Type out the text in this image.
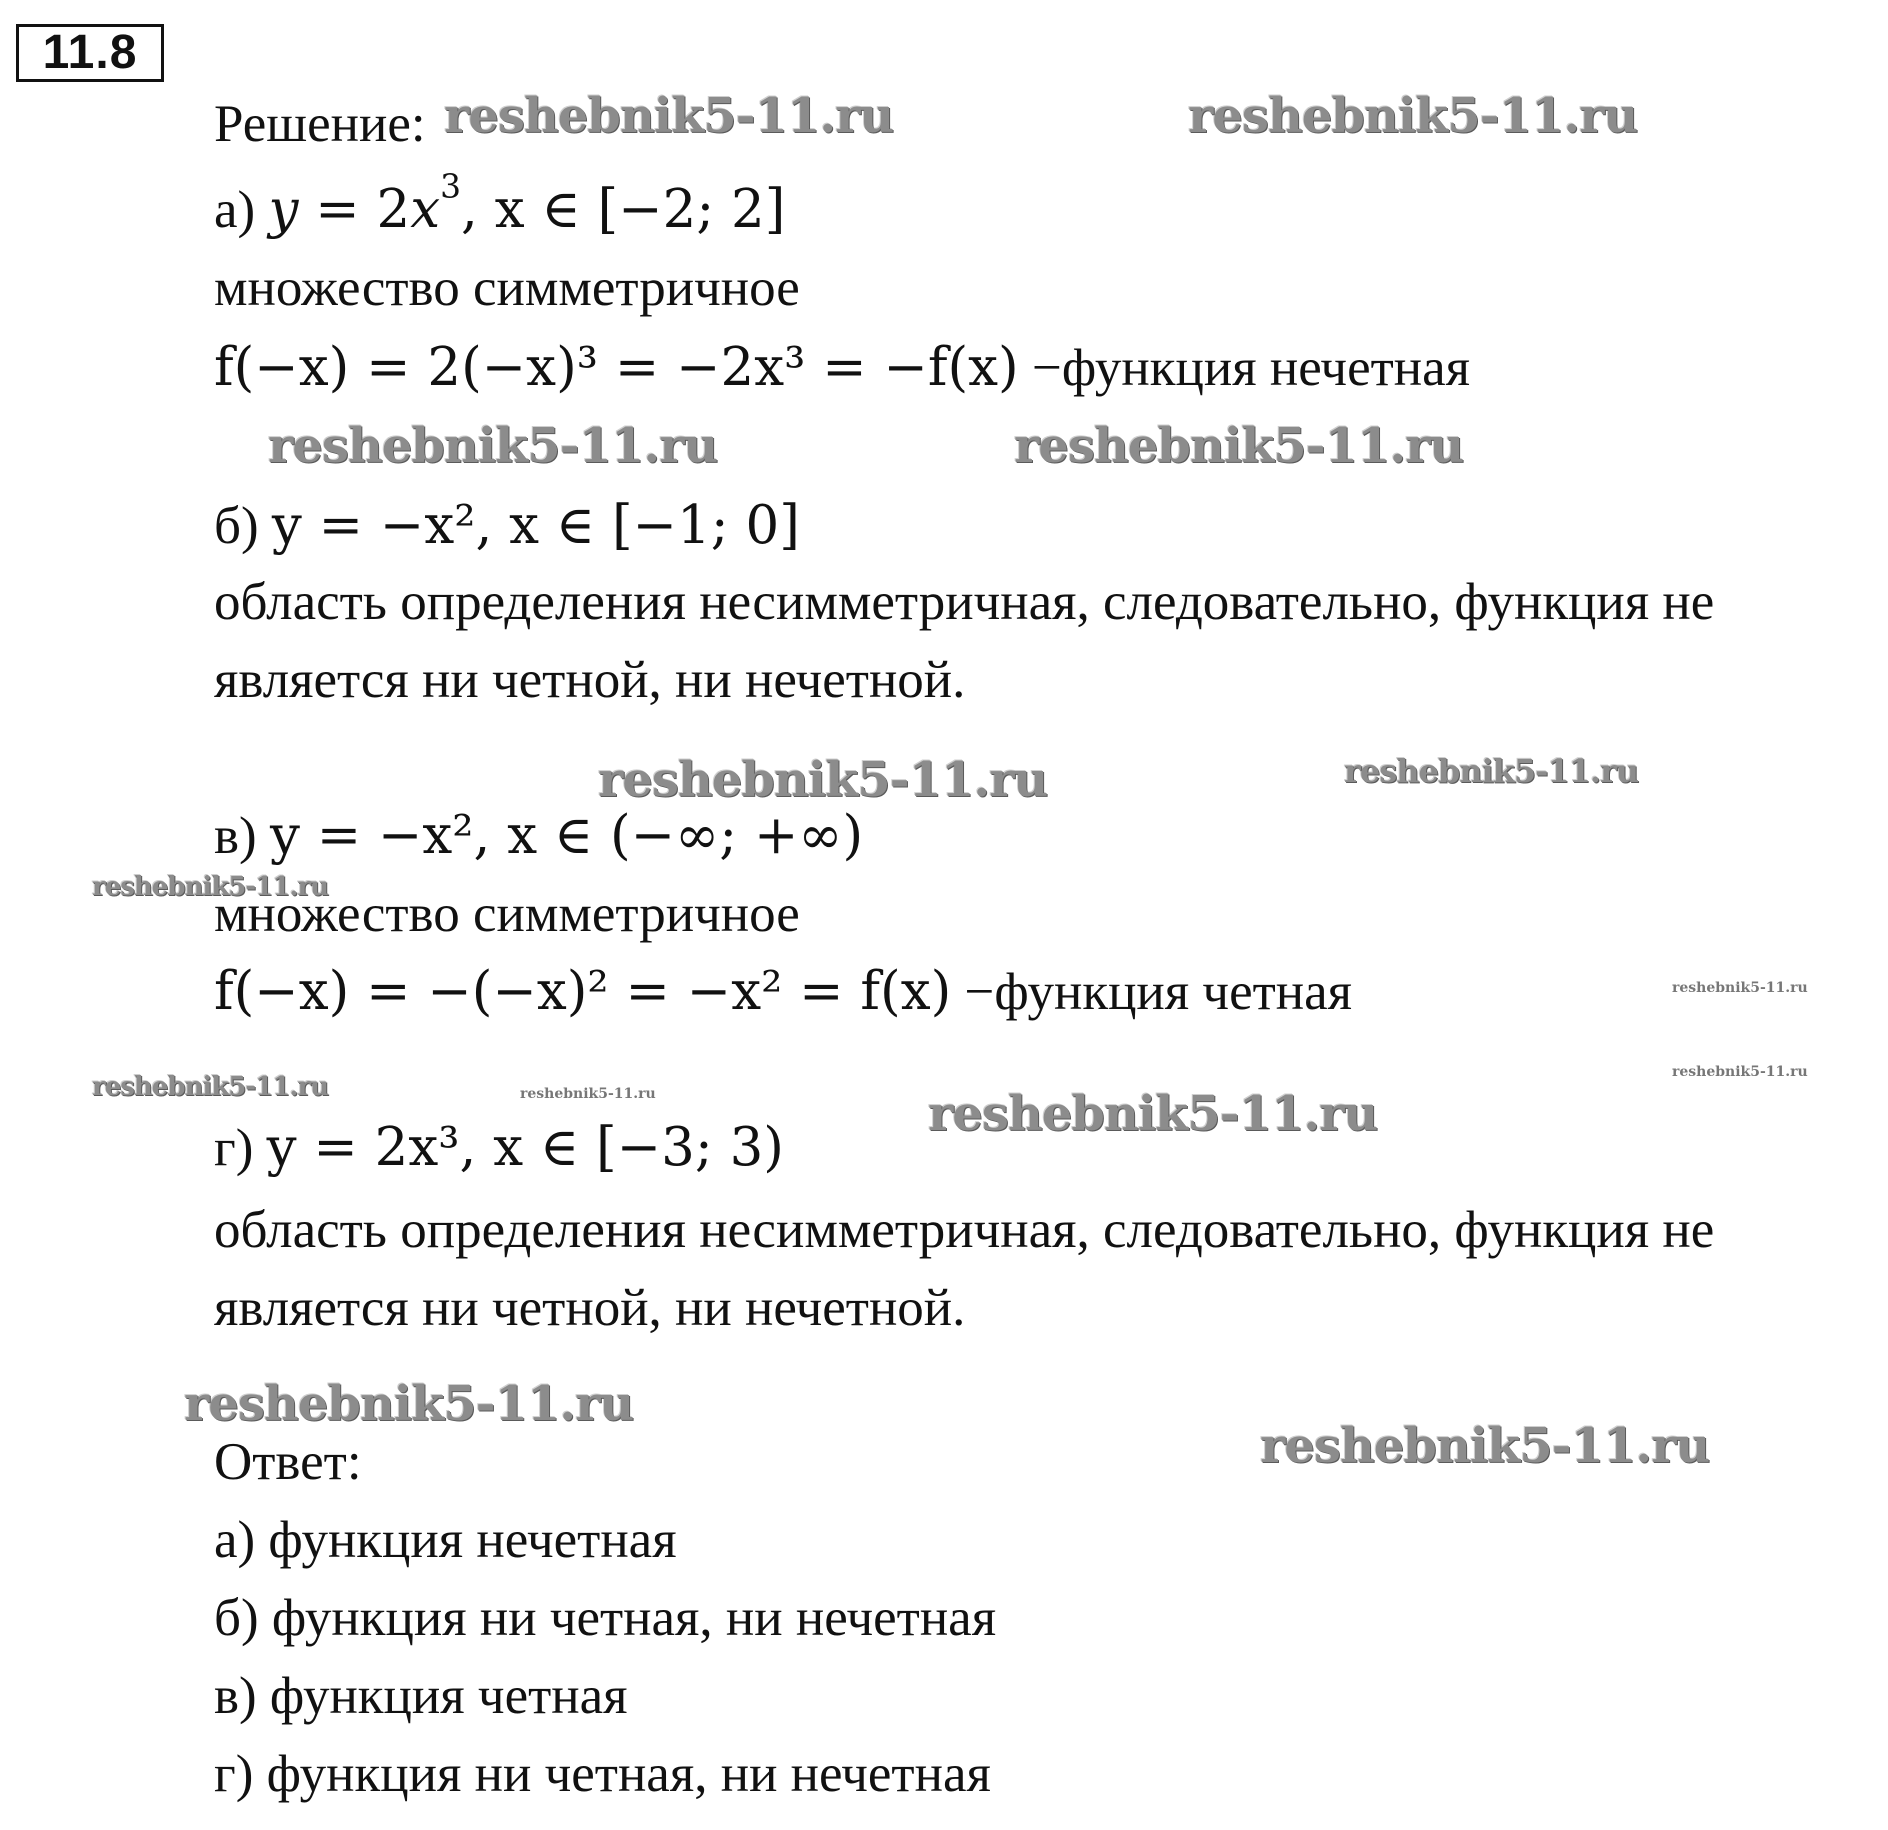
11.8
Решение:
а) $y = 2x^3$, x ∈ [−2; 2]
множество симметричное
f(−x) = 2(−x)³ = −2x³ = −f(x) −функция нечетная
б) y = −x², x ∈ [−1; 0]
область определения несимметричная, следовательно, функция не
является ни четной, ни нечетной.
в) y = −x², x ∈ (−∞; +∞)
множество симметричное
f(−x) = −(−x)² = −x² = f(x) −функция четная
г) y = 2x³, x ∈ [−3; 3)
область определения несимметричная, следовательно, функция не
является ни четной, ни нечетной.
Ответ:
а) функция нечетная
б) функция ни четная, ни нечетная
в) функция четная
г) функция ни четная, ни нечетная
reshebnik5-11.ru	reshebnik5-11.ru
reshebnik5-11.ru	reshebnik5-11.ru
reshebnik5-11.ru	reshebnik5-11.ru
reshebnik5-11.ru
reshebnik5-11.ru
reshebnik5-11.ru
reshebnik5-11.ru	reshebnik5-11.ru	reshebnik5-11.ru
reshebnik5-11.ru
reshebnik5-11.ru
